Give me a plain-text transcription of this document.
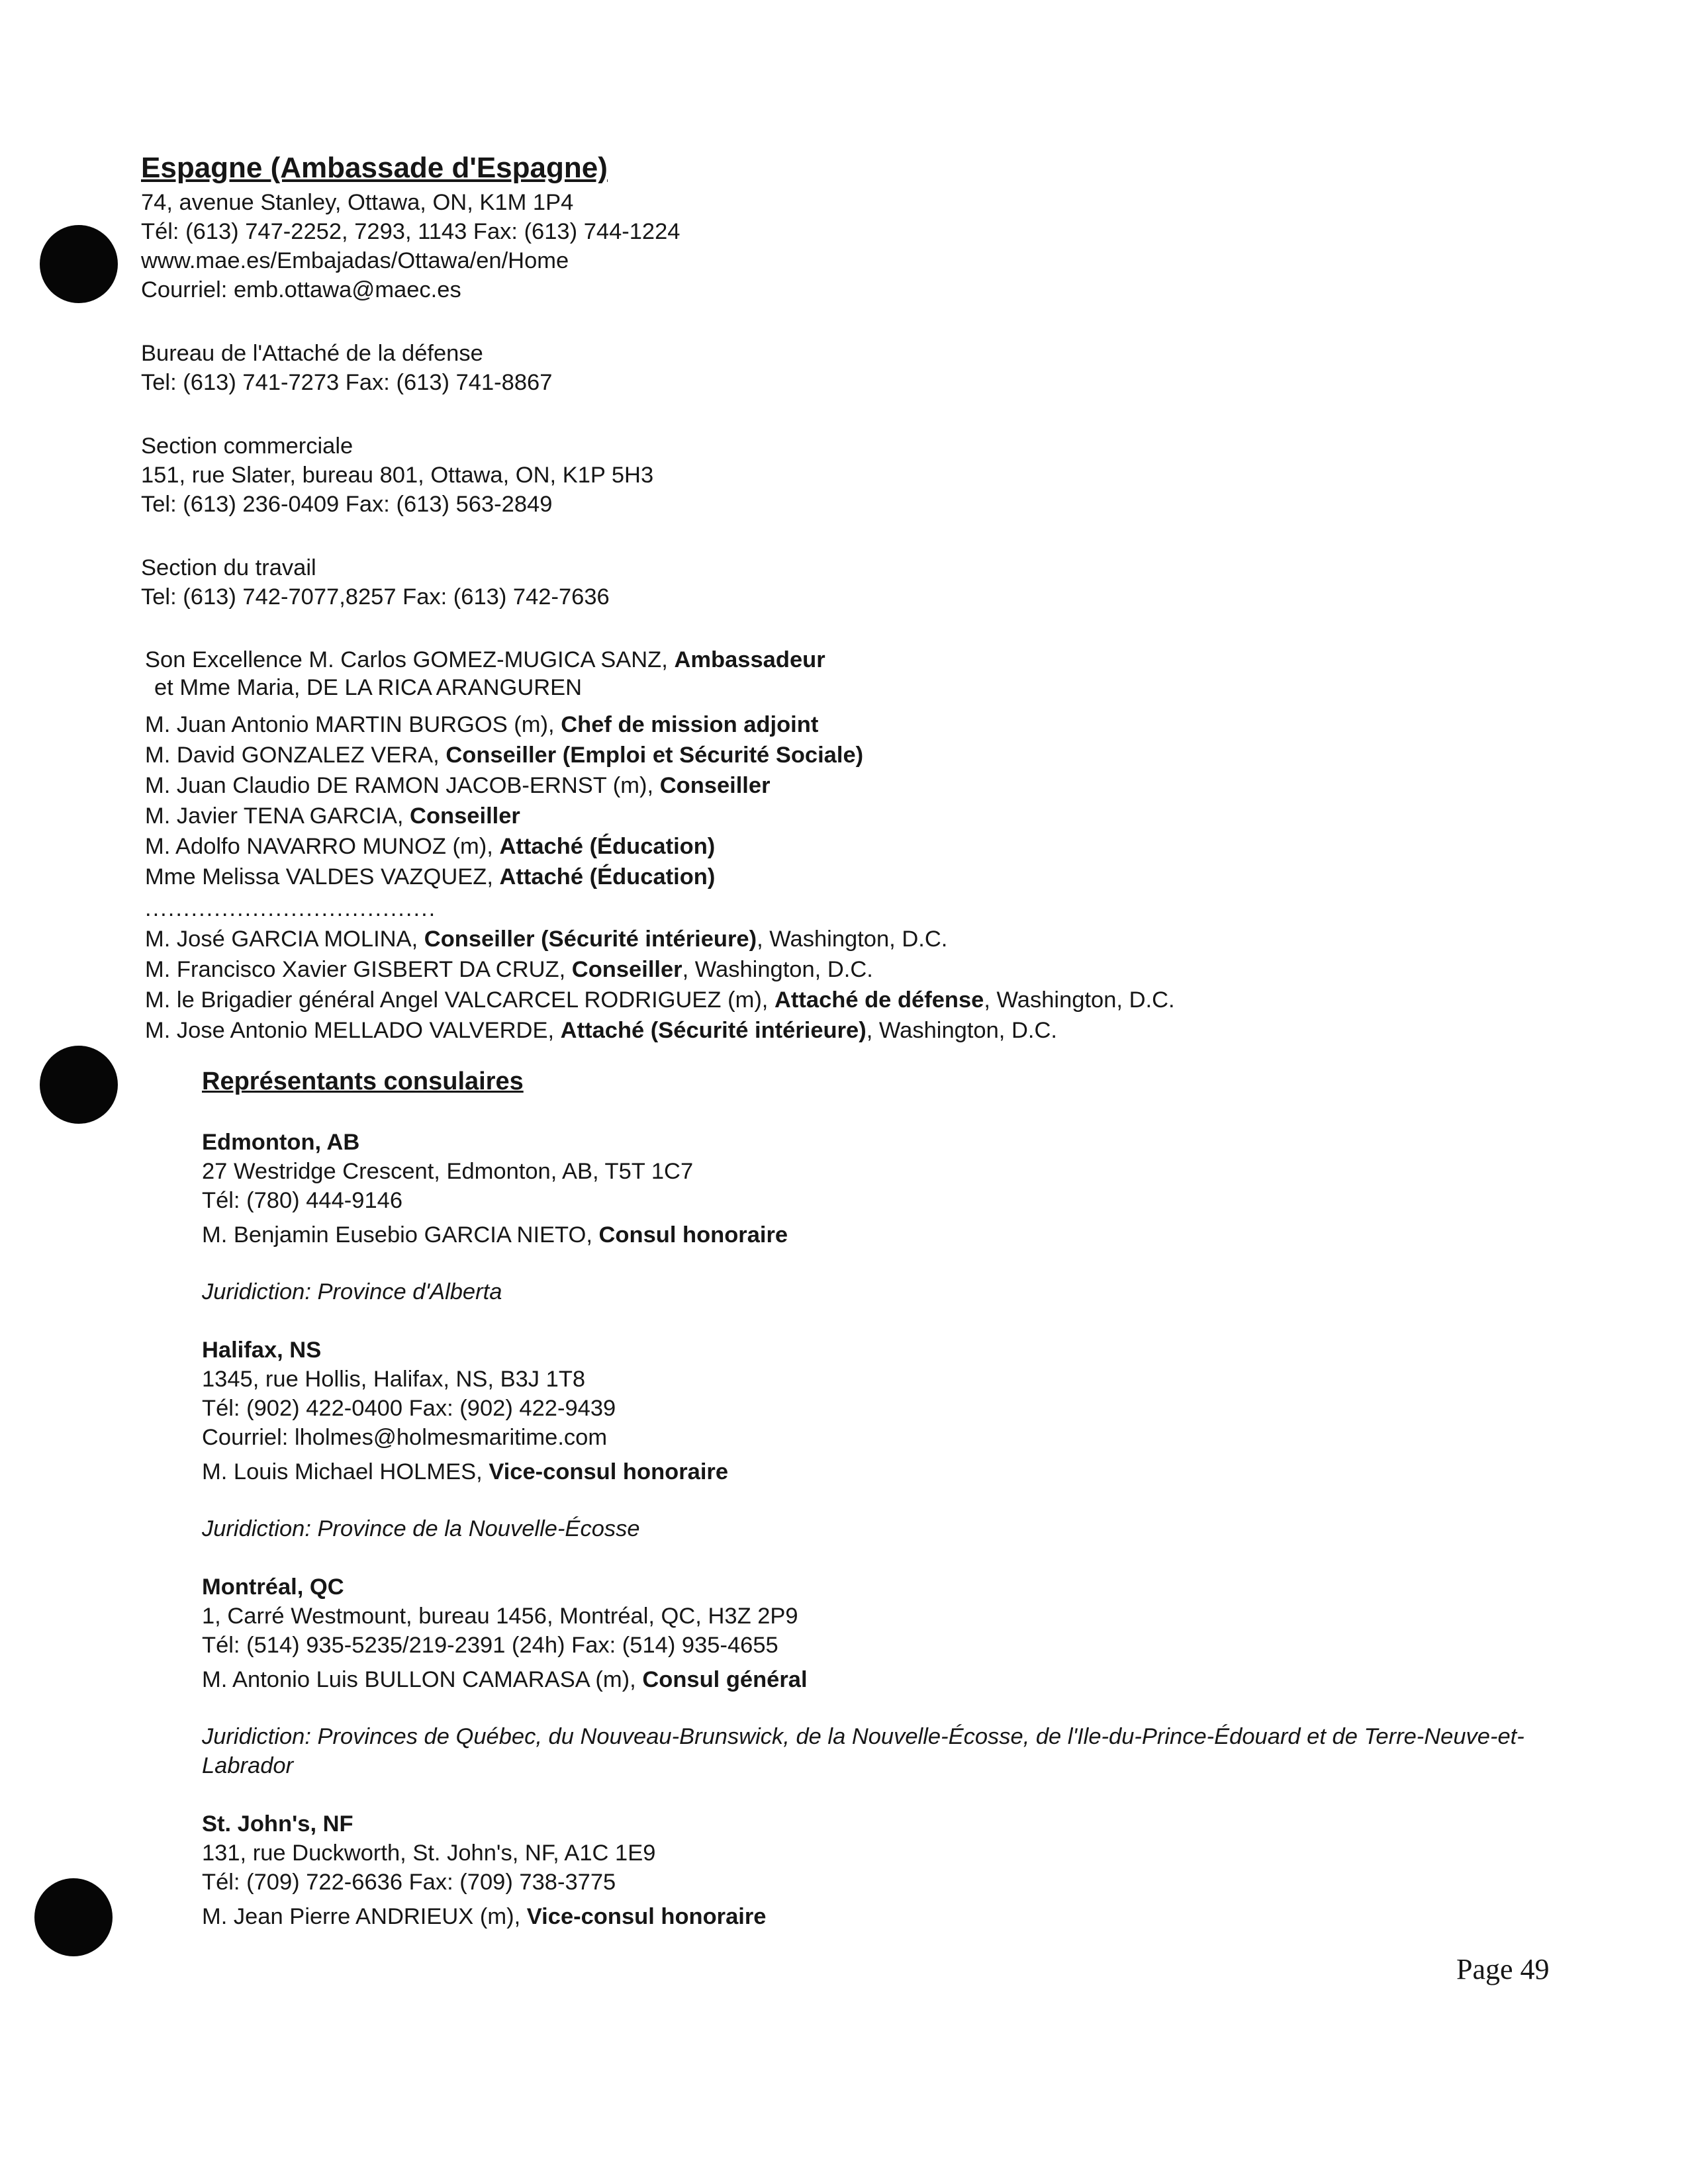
Espagne (Ambassade d'Espagne)
74, avenue Stanley, Ottawa, ON, K1M 1P4
Tél: (613) 747-2252, 7293, 1143 Fax: (613) 744-1224
www.mae.es/Embajadas/Ottawa/en/Home
Courriel: emb.ottawa@maec.es
Bureau de l'Attaché de la défense
Tel: (613) 741-7273 Fax: (613) 741-8867
Section commerciale
151, rue Slater, bureau 801, Ottawa, ON, K1P 5H3
Tel: (613) 236-0409 Fax: (613) 563-2849
Section du travail
Tel: (613) 742-7077,8257 Fax: (613) 742-7636
Son Excellence M. Carlos GOMEZ-MUGICA SANZ, Ambassadeur
et Mme Maria, DE LA RICA ARANGUREN
M. Juan Antonio MARTIN BURGOS (m), Chef de mission adjoint
M. David GONZALEZ VERA, Conseiller (Emploi et Sécurité Sociale)
M. Juan Claudio DE RAMON JACOB-ERNST (m), Conseiller
M. Javier TENA GARCIA, Conseiller
M. Adolfo NAVARRO MUNOZ (m), Attaché (Éducation)
Mme Melissa VALDES VAZQUEZ, Attaché (Éducation)
......................................
M. José GARCIA MOLINA, Conseiller (Sécurité intérieure), Washington, D.C.
M. Francisco Xavier GISBERT DA CRUZ, Conseiller, Washington, D.C.
M. le Brigadier général Angel VALCARCEL RODRIGUEZ (m), Attaché de défense, Washington, D.C.
M. Jose Antonio MELLADO VALVERDE, Attaché (Sécurité intérieure), Washington, D.C.
Représentants consulaires
Edmonton, AB
27 Westridge Crescent, Edmonton, AB, T5T 1C7
Tél: (780) 444-9146
M. Benjamin Eusebio GARCIA NIETO, Consul honoraire
Juridiction: Province d'Alberta
Halifax, NS
1345, rue Hollis, Halifax, NS, B3J 1T8
Tél: (902) 422-0400 Fax: (902) 422-9439
Courriel: lholmes@holmesmaritime.com
M. Louis Michael HOLMES, Vice-consul honoraire
Juridiction: Province de la Nouvelle-Écosse
Montréal, QC
1, Carré Westmount, bureau 1456, Montréal, QC, H3Z 2P9
Tél: (514) 935-5235/219-2391 (24h) Fax: (514) 935-4655
M. Antonio Luis BULLON CAMARASA (m), Consul général
Juridiction: Provinces de Québec, du Nouveau-Brunswick, de la Nouvelle-Écosse, de l'Ile-du-Prince-Édouard et de Terre-Neuve-et-Labrador
St. John's, NF
131, rue Duckworth, St. John's, NF, A1C 1E9
Tél: (709) 722-6636 Fax: (709) 738-3775
M. Jean Pierre ANDRIEUX (m), Vice-consul honoraire
Page 49
